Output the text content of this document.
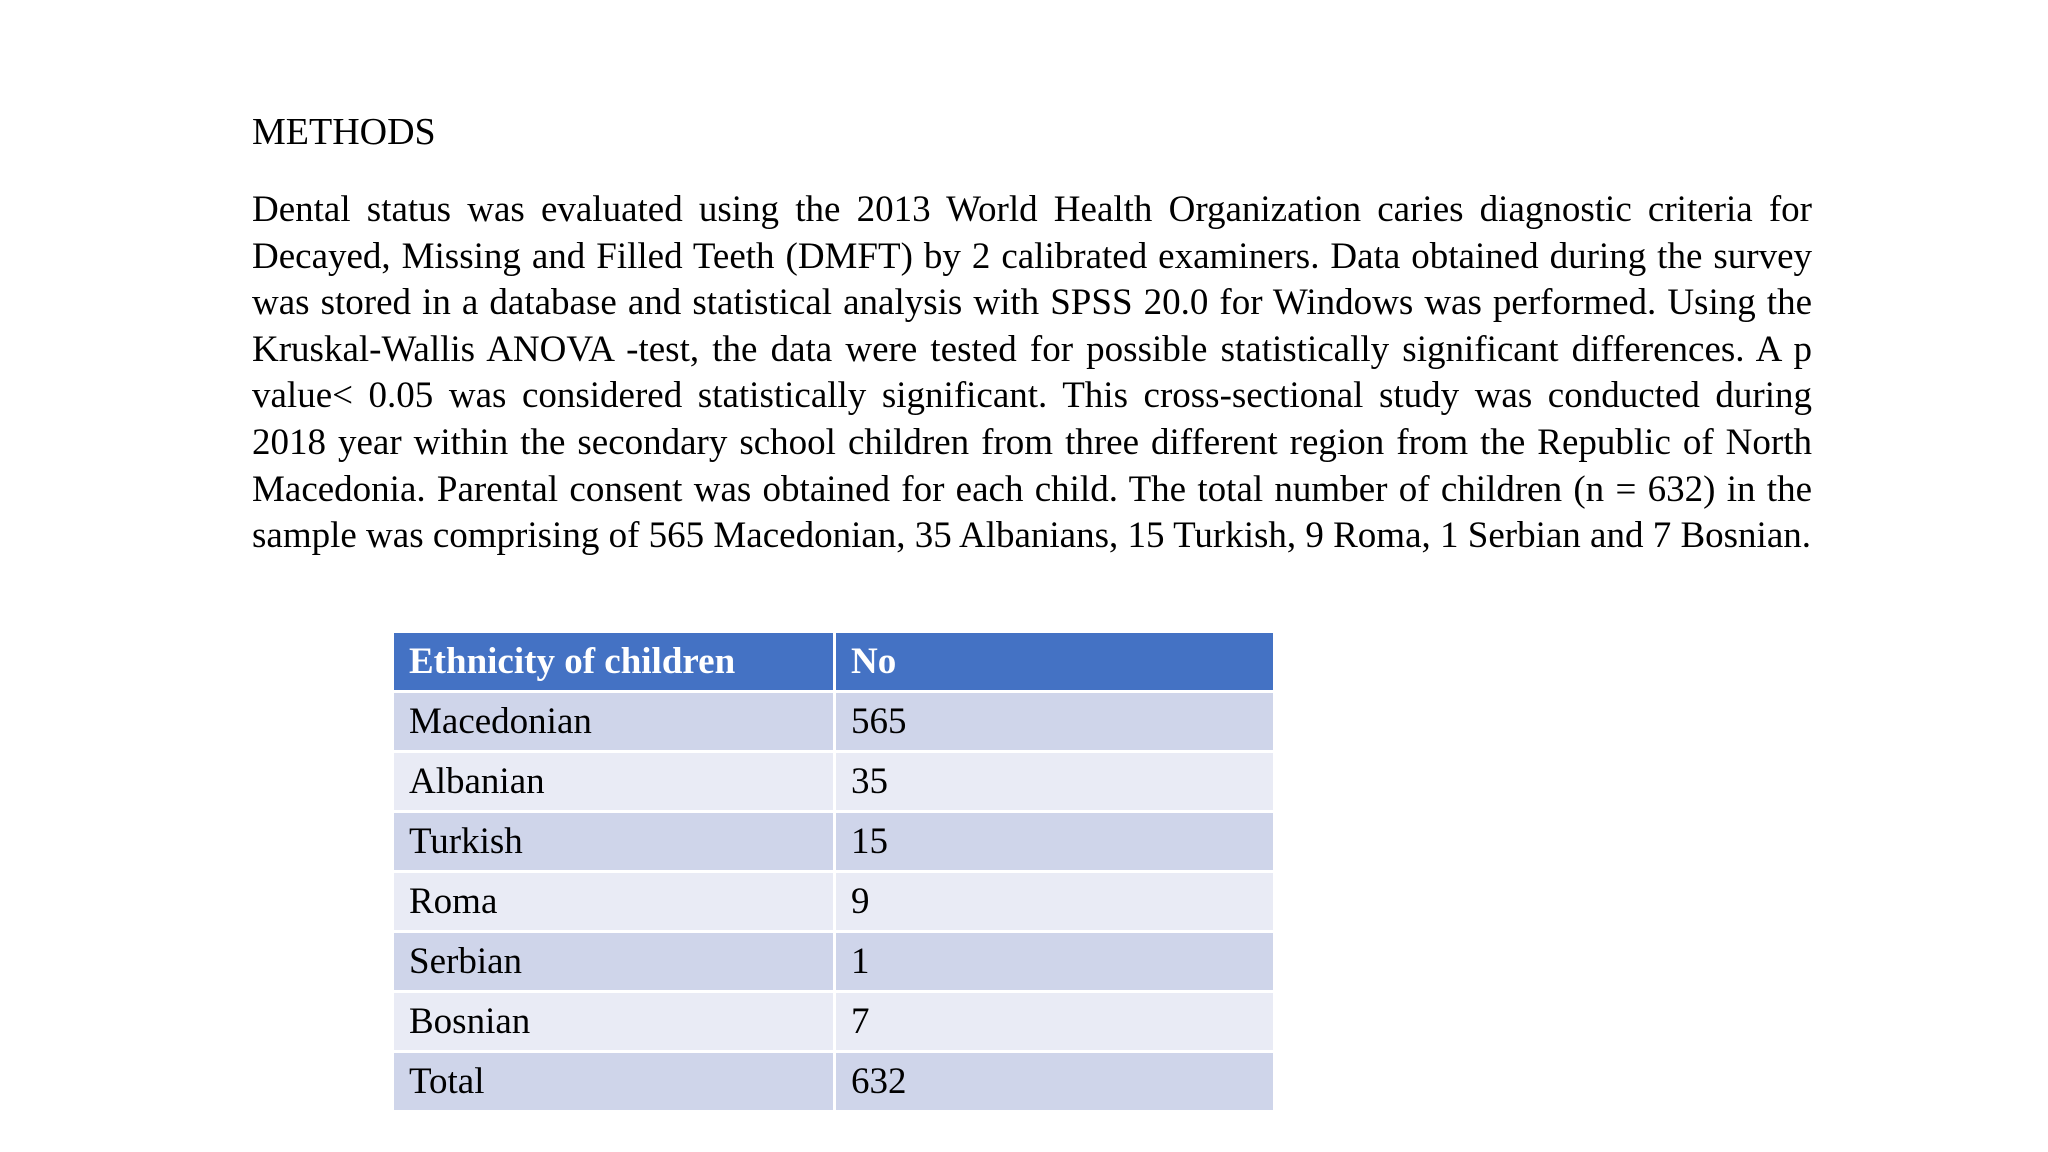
METHODS

Dental status was evaluated using the 2013 World Health Organization caries diagnostic criteria for Decayed, Missing and Filled Teeth (DMFT) by 2 calibrated examiners. Data obtained during the survey was stored in a database and statistical analysis with SPSS 20.0 for Windows was performed. Using the Kruskal-Wallis ANOVA -test, the data were tested for possible statistically significant differences. A p value< 0.05 was considered statistically significant. This cross-sectional study was conducted during 2018 year within the secondary school children from three different region from the Republic of North Macedonia. Parental consent was obtained for each child. The total number of children (n = 632) in the sample was comprising of 565 Macedonian, 35 Albanians, 15 Turkish, 9 Roma, 1 Serbian and 7 Bosnian.

Ethnicity of children	No
Macedonian	565
Albanian	35
Turkish	15
Roma	9
Serbian	1
Bosnian	7
Total	632
